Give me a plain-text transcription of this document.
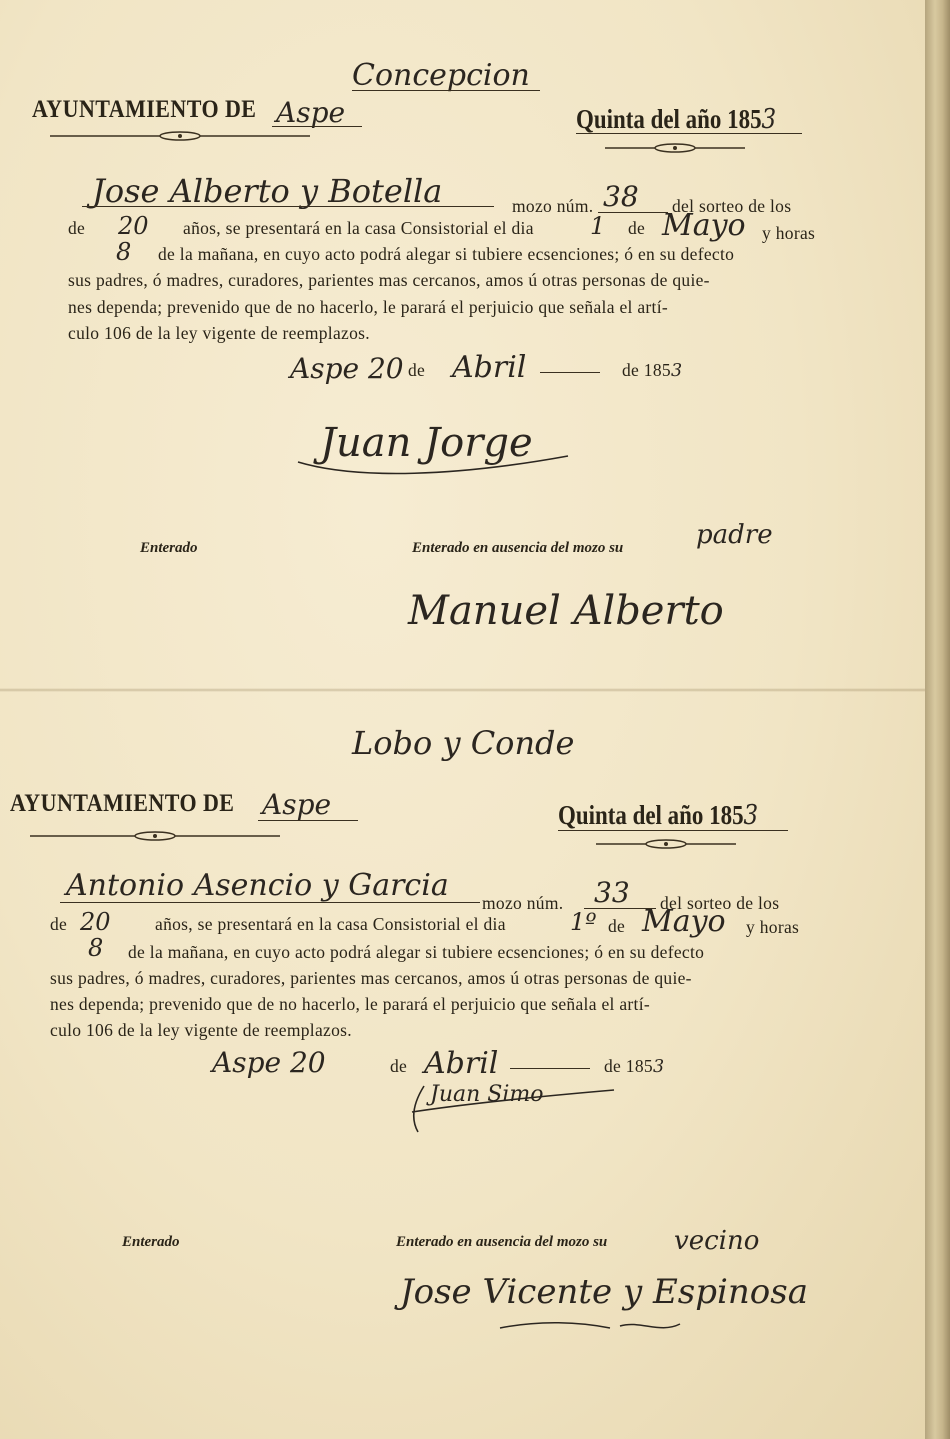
Concepcion
AYUNTAMIENTO DE Aspe	Quinta del año 1853
Jose Alberto y Botella	mozo núm. 38 del sorteo de los
de 20 años, se presentará en la casa Consistorial el dia 1 de Mayo y horas
8 de la mañana, en cuyo acto podrá alegar si tubiere ecsenciones; ó en su defecto
sus padres, ó madres, curadores, parientes mas cercanos, amos ú otras personas de quie-
nes dependa; prevenido que de no hacerlo, le parará el perjuicio que señala el artí-
culo 106 de la ley vigente de reemplazos.
Aspe 20 de Abril	de 1853
Juan Jorge
Enterado	Enterado en ausencia del mozo su	padre
Manuel Alberto
Lobo y Conde
AYUNTAMIENTO DE Aspe	Quinta del año 1853
Antonio Asencio y Garcia mozo núm. 33 del sorteo de los
de 20	años, se presentará en la casa Consistorial el dia	1º de Mayo y horas
8 de la mañana, en cuyo acto podrá alegar si tubiere ecsenciones; ó en su defecto
sus padres, ó madres, curadores, parientes mas cercanos, amos ú otras personas de quie-
nes dependa; prevenido que de no hacerlo, le parará el perjuicio que señala el artí-
culo 106 de la ley vigente de reemplazos.
Aspe 20	de Abril	de 1853
Juan Simo
Enterado	Enterado en ausencia del mozo su	vecino
Jose Vicente y Espinosa
